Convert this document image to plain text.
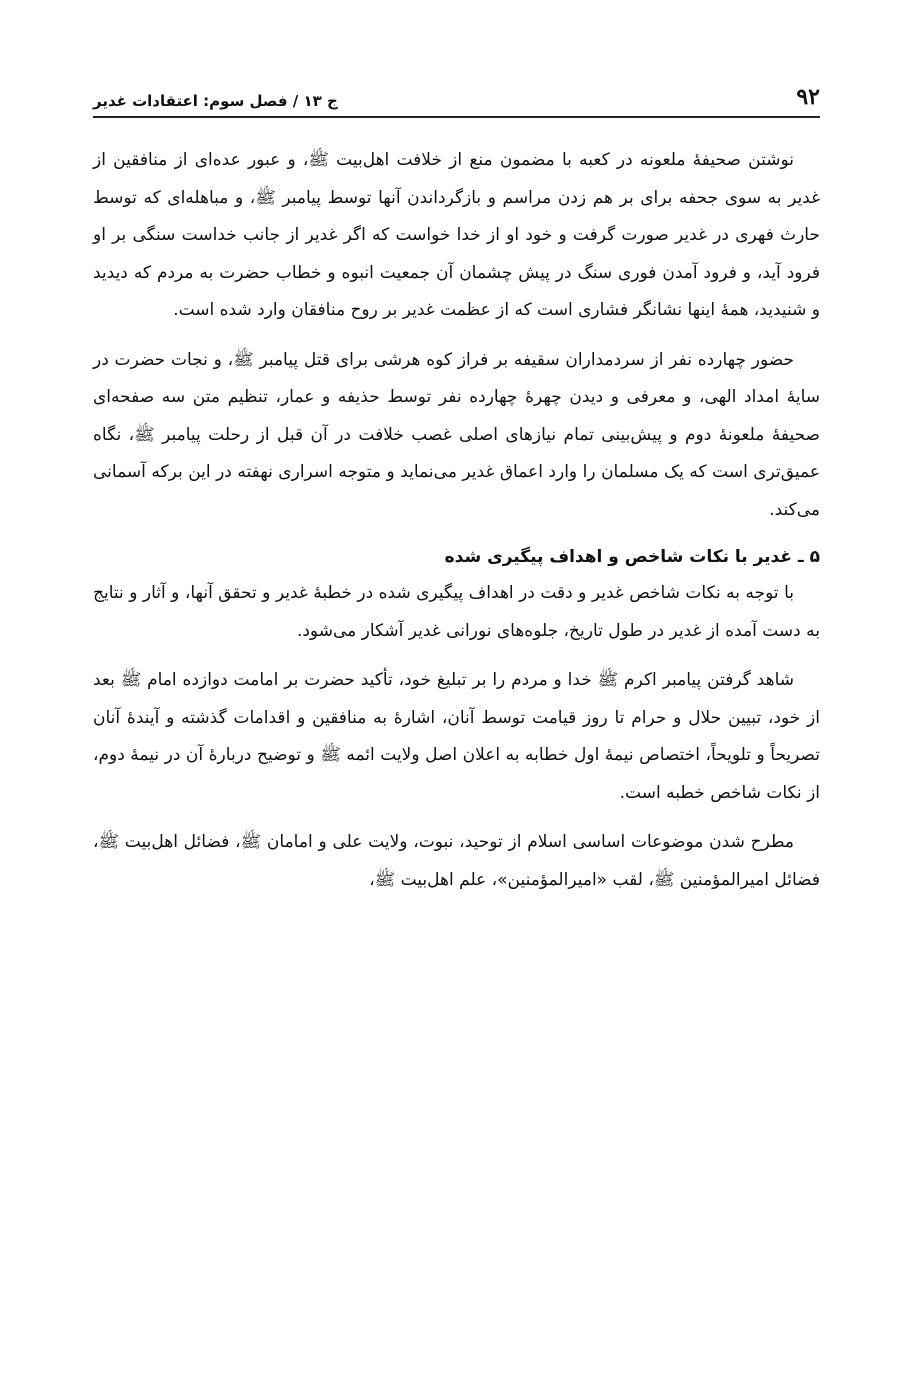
۹۲
ج ۱۳ / فصل سوم: اعتقادات غدیر

نوشتن صحیفۀ ملعونه در کعبه با مضمون منع از خلافت اهل‌بیت ﷺ، و عبور عده‌ای از منافقین از غدیر به سوی جحفه برای بر هم زدن مراسم و بازگرداندن آنها توسط پیامبر ﷺ، و مباهله‌ای که توسط حارث فهری در غدیر صورت گرفت و خود او از خدا خواست که اگر غدیر از جانب خداست سنگی بر او فرود آید، و فرود آمدن فوری سنگ در پیش چشمان آن جمعیت انبوه و خطاب حضرت به مردم که دیدید و شنیدید، همۀ اینها نشانگر فشاری است که از عظمت غدیر بر روح منافقان وارد شده است.

حضور چهارده نفر از سردمداران سقیفه بر فراز کوه هرشی برای قتل پیامبر ﷺ، و نجات حضرت در سایۀ امداد الهی، و معرفی و دیدن چهرۀ چهارده نفر توسط حذیفه و عمار، تنظیم متن سه صفحه‌ای صحیفۀ ملعونۀ دوم و پیش‌بینی تمام نیازهای اصلی غصب خلافت در آن قبل از رحلت پیامبر ﷺ، نگاه عمیق‌تری است که یک مسلمان را وارد اعماق غدیر می‌نماید و متوجه اسراری نهفته در این برکه آسمانی می‌کند.

۵ ـ غدیر با نکات شاخص و اهداف پیگیری شده

با توجه به نکات شاخص غدیر و دقت در اهداف پیگیری شده در خطبۀ غدیر و تحقق آنها، و آثار و نتایج به دست آمده از غدیر در طول تاریخ، جلوه‌های نورانی غدیر آشکار می‌شود.

شاهد گرفتن پیامبر اکرم ﷺ خدا و مردم را بر تبلیغ خود، تأکید حضرت بر امامت دوازده امام ﷺ بعد از خود، تبیین حلال و حرام تا روز قیامت توسط آنان، اشارۀ به منافقین و اقدامات گذشته و آیندۀ آنان تصریحاً و تلویحاً، اختصاص نیمۀ اول خطابه به اعلان اصل ولایت ائمه ﷺ و توضیح دربارۀ آن در نیمۀ دوم، از نکات شاخص خطبه است.

مطرح شدن موضوعات اساسی اسلام از توحید، نبوت، ولایت علی و امامان ﷺ، فضائل اهل‌بیت ﷺ، فضائل امیرالمؤمنین ﷺ، لقب «امیرالمؤمنین»، علم اهل‌بیت ﷺ،
